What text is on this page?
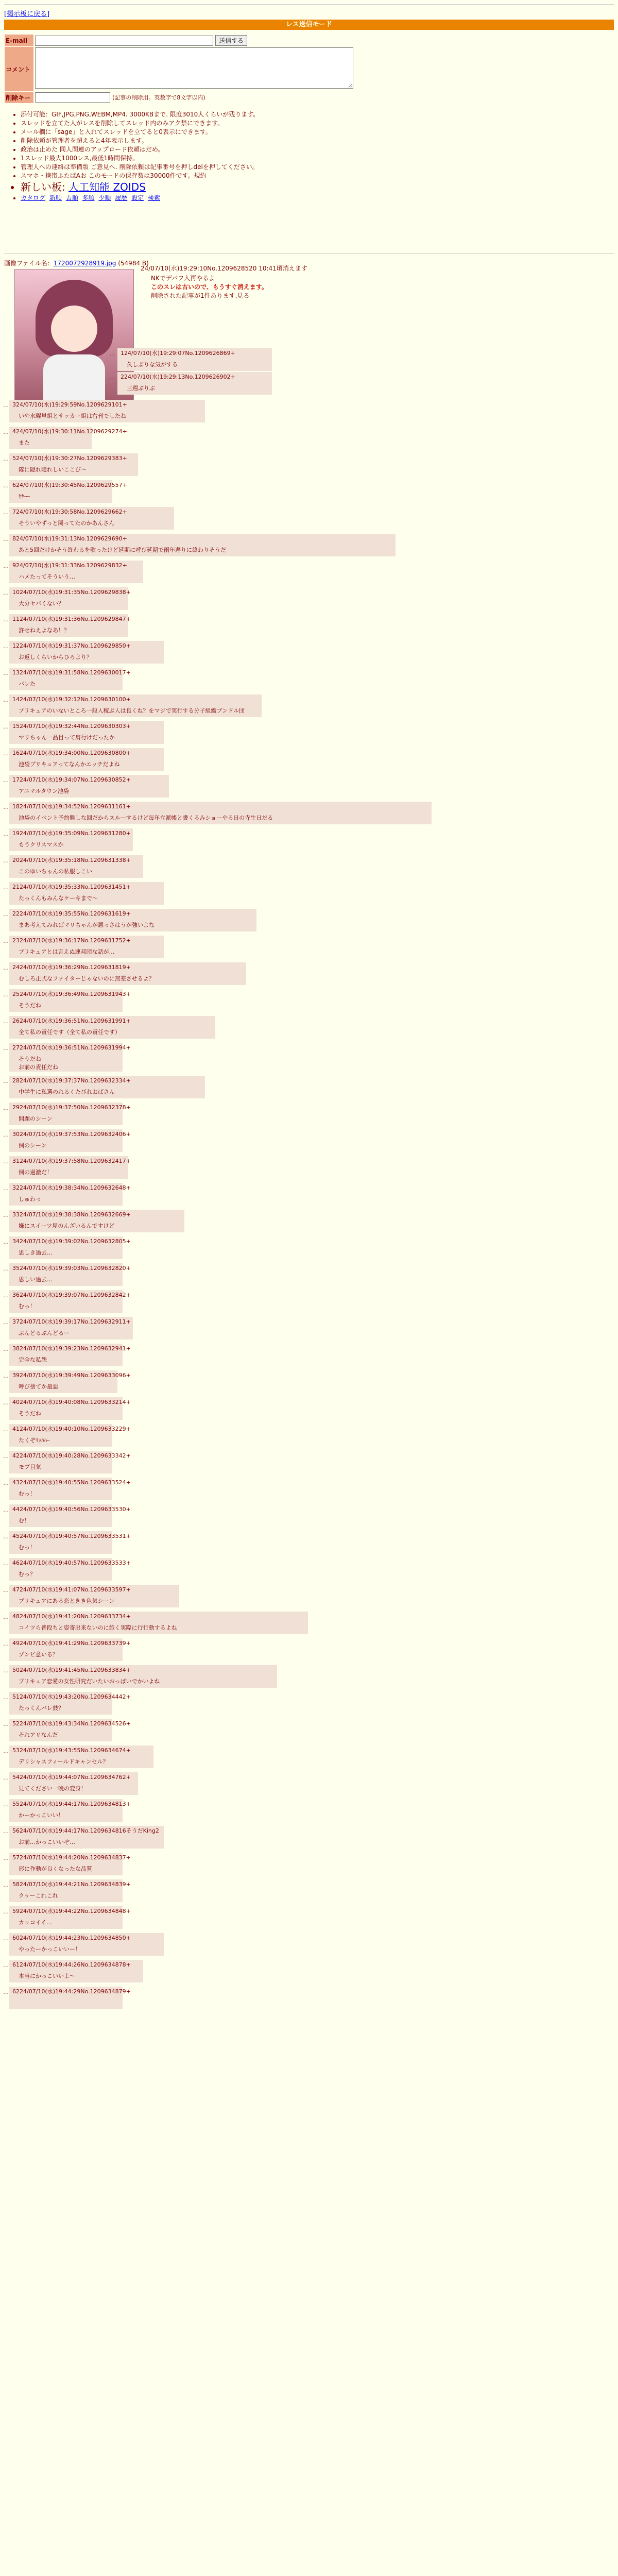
[掲示板に戻る]
レス送信モード
E-mail	送信する
コメント	
削除キー	(記事の削除用。英数字で8文字以内)
• 添付可能：GIF,JPG,PNG,WEBM,MP4. 3000KBまで. 限度3010人くらいが残ります。
• スレッドを立てた人がレスを削除してスレッド内のみアク禁にできます。
• メール欄に「sage」と入れてスレッドを立てると0表示にできます。
• 削除依頼が管理者を超えると4年表示します。
• 政治は止めた 同人関連のアップロード依頼はだめ。
• 1スレッド最大1000レス,最低1時間保持。
• 管理人への連絡は準備版 ご意見へ. 削除依頼は記事番号を押しdelを押してください。
• スマホ・携帯ふたばAお このモードの保存数は30000件です。規約
• 新しい板: 人工知能 ZOIDS
• カタログ 新順 古順 多順 少順 履歴 設定 検索
画像ファイル名：1720072928919.jpg (54984 B)
24/07/10(水)19:29:10No.1209628520 10:41頃消えます
NKでデバフ入再やるよ
このスレは古いので、もうすぐ消えます。
削除された記事が1件あります.見る
… 124/07/10(水)19:29:07No.1209626869+
久しぶりな気がする
… 224/07/10(水)19:29:13No.1209626902+
三週ぶりぶ
… 324/07/10(水)19:29:59No.1209629101+
いや水曜単組とサッカー組は右刊でしたね
… 424/07/10(水)19:30:11No.1209629274+
また
… 524/07/10(水)19:30:27No.1209629383+
隊に隠れ隠れしいここび～
… 624/07/10(水)19:30:45No.1209629557+
ﾔﾔｰｰ
… 724/07/10(水)19:30:58No.1209629662+
そういやずっと関ってたのかあんさん
… 824/07/10(水)19:31:13No.1209629690+
あと5回だけかそう終わるを歌ったけど延期に呼び延期で雨年遅りに終わりそうだ
… 924/07/10(水)19:31:33No.1209629832+
ハメたってそういう…
… 1024/07/10(水)19:31:35No.1209629838+
大分ヤバくない？
… 1124/07/10(水)19:31:36No.1209629847+
許せねえよなあ！？
… 1224/07/10(水)19:31:37No.1209629850+
お返しくらいからひろより？
… 1324/07/10(水)19:31:58No.1209630017+
バレた
… 1424/07/10(水)19:32:12No.1209630100+
プリキュアのいないところ一般人稼ぶ人は良くね？をマジで実行する分子組織ブンドル団
… 1524/07/10(水)19:32:44No.1209630303+
マリちゃん一品目って肩行けだったか
… 1624/07/10(水)19:34:00No.1209630800+
池袋プリキュアってなんかエッチだよね
… 1724/07/10(水)19:34:07No.1209630852+
アニマルタウン池袋
… 1824/07/10(水)19:34:52No.1209631161+
池袋のイベント予約難しな回だからスルーするけど毎年立派帳と書くるみショーやる日の寺生日だる
… 1924/07/10(水)19:35:09No.1209631280+
もうクリスマスか
… 2024/07/10(水)19:35:18No.1209631338+
このゆいちゃんの私服しこい
… 2124/07/10(水)19:35:33No.1209631451+
たっくんもみんなケーキまで～
… 2224/07/10(水)19:35:55No.1209631619+
まあ考えてみればマリちゃんが悪っさはうが強いよな
… 2324/07/10(水)19:36:17No.1209631752+
プリキュアとは言えぬ連邦団な話が…
… 2424/07/10(水)19:36:29No.1209631819+
むしろ正式なファイターじゃないのに無差させるよ？
… 2524/07/10(水)19:36:49No.1209631943+
そうだね
… 2624/07/10(水)19:36:51No.1209631991+
全て私の責任です（全て私の責任です）
… 2724/07/10(水)19:36:51No.1209631994+
そうだね
お前の責任だね
… 2824/07/10(水)19:37:37No.1209632334+
中学生に私選のれるくたびれおばさん
… 2924/07/10(水)19:37:50No.1209632378+
問題のシーン
… 3024/07/10(水)19:37:53No.1209632406+
例のシーン
… 3124/07/10(水)19:37:58No.1209632417+
例の過激だ！
… 3224/07/10(水)19:38:34No.1209632648+
しゅわっ
… 3324/07/10(水)19:38:38No.1209632669+
嫌にスイーツ屋のんざいるんですけど
… 3424/07/10(水)19:39:02No.1209632805+
思しき過去…
… 3524/07/10(水)19:39:03No.1209632820+
思しい過去…
… 3624/07/10(水)19:39:07No.1209632842+
むっ！
… 3724/07/10(水)19:39:17No.1209632911+
ぶんどるぶんどるー
… 3824/07/10(水)19:39:23No.1209632941+
完全な私怨
… 3924/07/10(水)19:39:49No.1209633096+
呼び捨てか最悪
… 4024/07/10(水)19:40:08No.1209633214+
そうだね
… 4124/07/10(水)19:40:10No.1209633229+
たくぞﾏｯﾊﾊｰ
… 4224/07/10(水)19:40:28No.1209633342+
モブ目気
… 4324/07/10(水)19:40:55No.1209633524+
むっ！
… 4424/07/10(水)19:40:56No.1209633530+
む！
… 4524/07/10(水)19:40:57No.1209633531+
むっ！
… 4624/07/10(水)19:40:57No.1209633533+
むっ？
… 4724/07/10(水)19:41:07No.1209633597+
プリキュアにある恋ときき色気シーン
… 4824/07/10(水)19:41:20No.1209633734+
コイツら普段ちと姿寄出来ないのに飽く実際に行行動するよね
… 4924/07/10(水)19:41:29No.1209633739+
ゾンビ意いる？
… 5024/07/10(水)19:41:45No.1209633834+
プリキュア恋愛の女性研究だいたいおっぱいでかいよね
… 5124/07/10(水)19:43:20No.1209634442+
たっくんバレ鼓？
… 5224/07/10(水)19:43:34No.1209634526+
それアリなんだ
… 5324/07/10(水)19:43:55No.1209634674+
デリシャスフィールドキャンセル？
… 5424/07/10(水)19:44:07No.1209634762+
見てください一晩の変身！
… 5524/07/10(水)19:44:17No.1209634813+
かーかっこいい！
… 5624/07/10(水)19:44:17No.1209634816そうだKing2
お前…かっこいいぞ…
… 5724/07/10(水)19:44:20No.1209634837+
形に作動が良くなったな品質
… 5824/07/10(水)19:44:21No.1209634839+
クゥーこれこれ
… 5924/07/10(水)19:44:22No.1209634848+
カッコイイ…
… 6024/07/10(水)19:44:23No.1209634850+
やったーかっこいいー！
… 6124/07/10(水)19:44:26No.1209634878+
本当にかっこいいよ～
… 6224/07/10(水)19:44:29No.1209634879+
